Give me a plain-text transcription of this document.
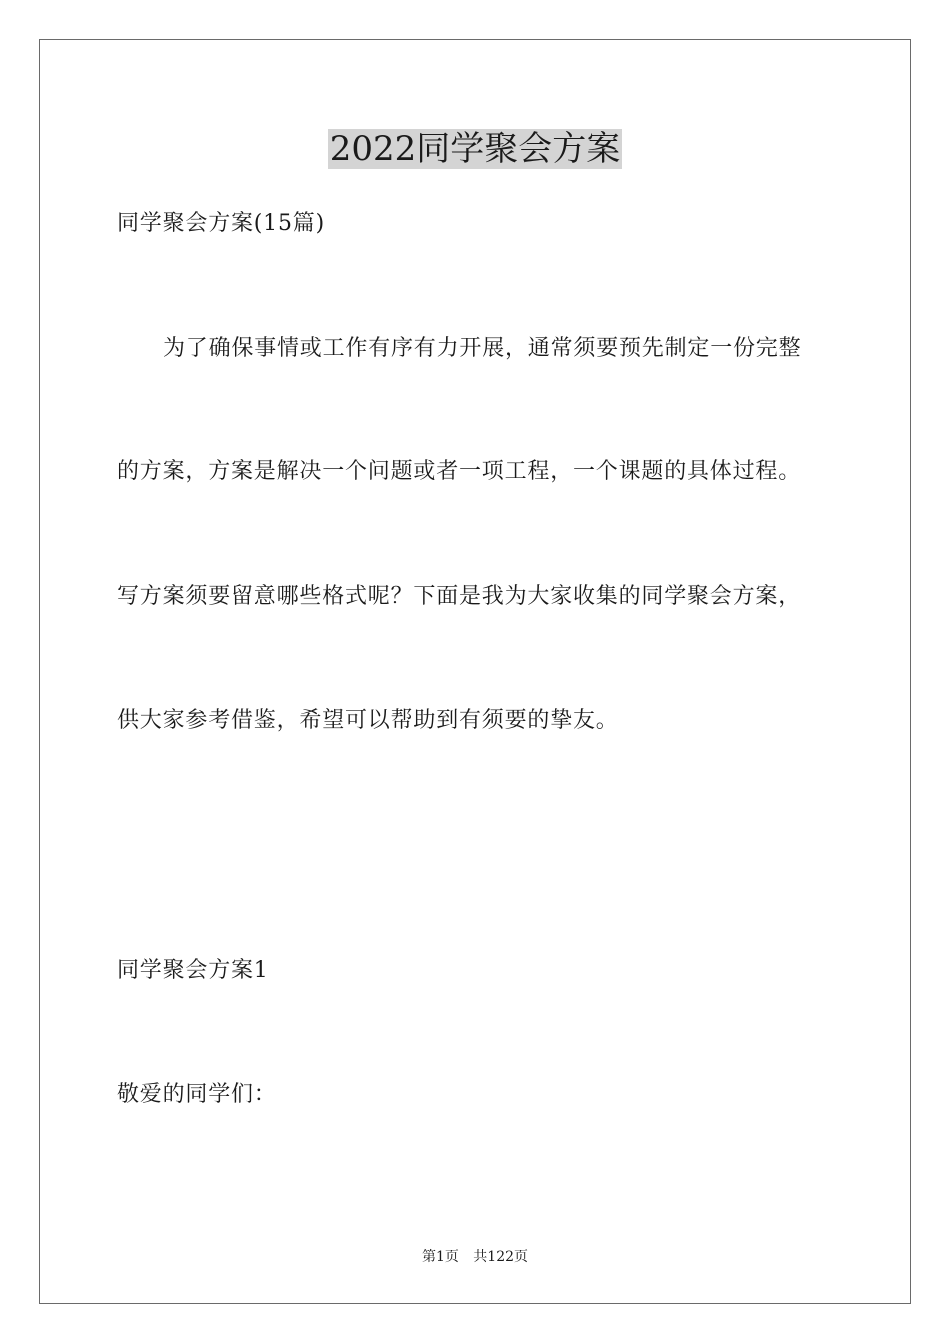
2022同学聚会方案

同学聚会方案(15篇)

为了确保事情或工作有序有力开展，通常须要预先制定一份完整

的方案，方案是解决一个问题或者一项工程，一个课题的具体过程。

写方案须要留意哪些格式呢？下面是我为大家收集的同学聚会方案，

供大家参考借鉴，希望可以帮助到有须要的挚友。

同学聚会方案1

敬爱的同学们：

第1页 共122页
